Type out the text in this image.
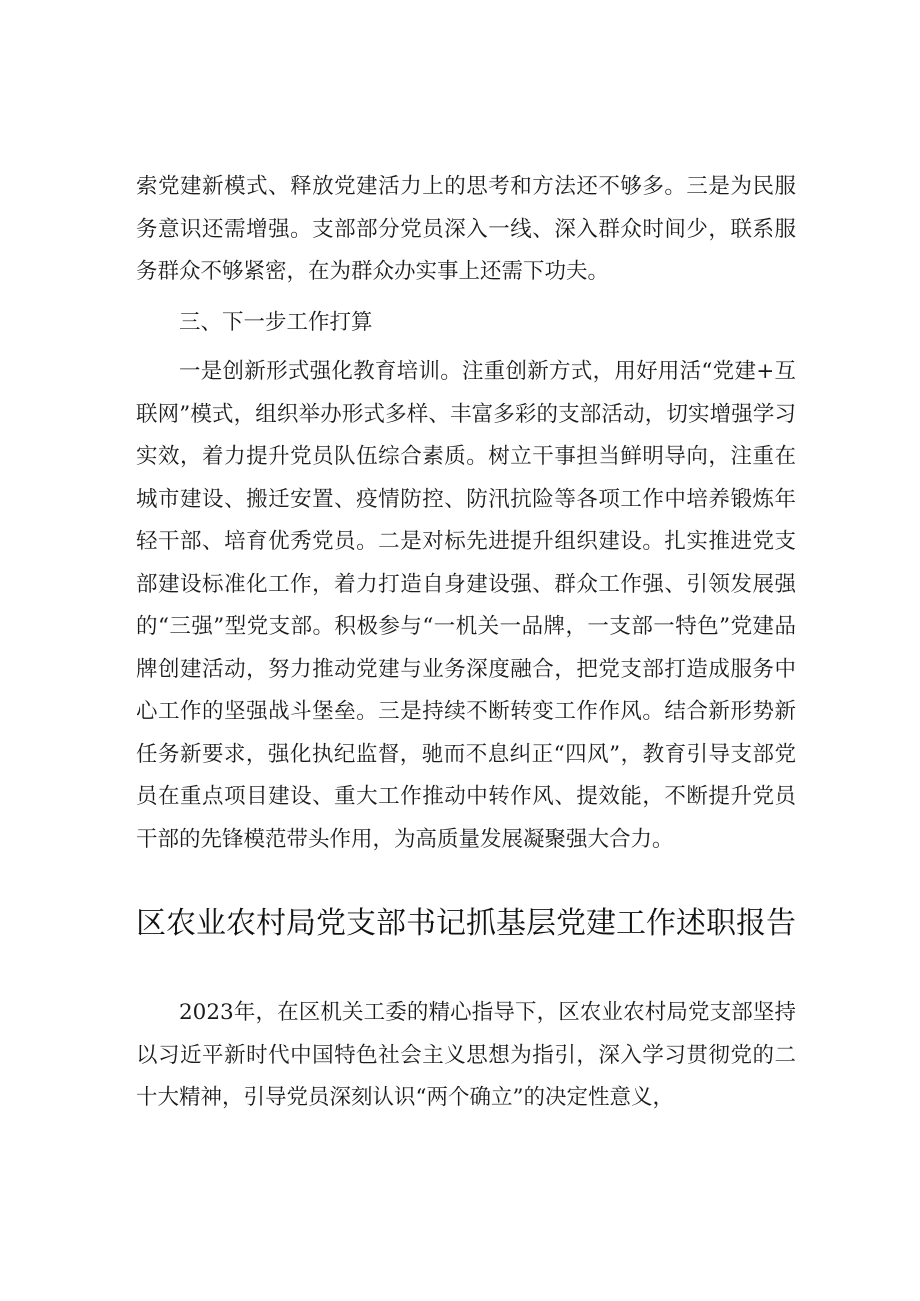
索党建新模式、释放党建活力上的思考和方法还不够多。三是为民服务意识还需增强。支部部分党员深入一线、深入群众时间少，联系服务群众不够紧密，在为群众办实事上还需下功夫。

三、下一步工作打算

一是创新形式强化教育培训。注重创新方式，用好用活“党建+互联网”模式，组织举办形式多样、丰富多彩的支部活动，切实增强学习实效，着力提升党员队伍综合素质。树立干事担当鲜明导向，注重在城市建设、搬迁安置、疫情防控、防汛抗险等各项工作中培养锻炼年轻干部、培育优秀党员。二是对标先进提升组织建设。扎实推进党支部建设标准化工作，着力打造自身建设强、群众工作强、引领发展强的“三强”型党支部。积极参与“一机关一品牌，一支部一特色”党建品牌创建活动，努力推动党建与业务深度融合，把党支部打造成服务中心工作的坚强战斗堡垒。三是持续不断转变工作作风。结合新形势新任务新要求，强化执纪监督，驰而不息纠正“四风”，教育引导支部党员在重点项目建设、重大工作推动中转作风、提效能，不断提升党员干部的先锋模范带头作用，为高质量发展凝聚强大合力。

区农业农村局党支部书记抓基层党建工作述职报告

2023年，在区机关工委的精心指导下，区农业农村局党支部坚持以习近平新时代中国特色社会主义思想为指引，深入学习贯彻党的二十大精神，引导党员深刻认识“两个确立”的决定性意义，
